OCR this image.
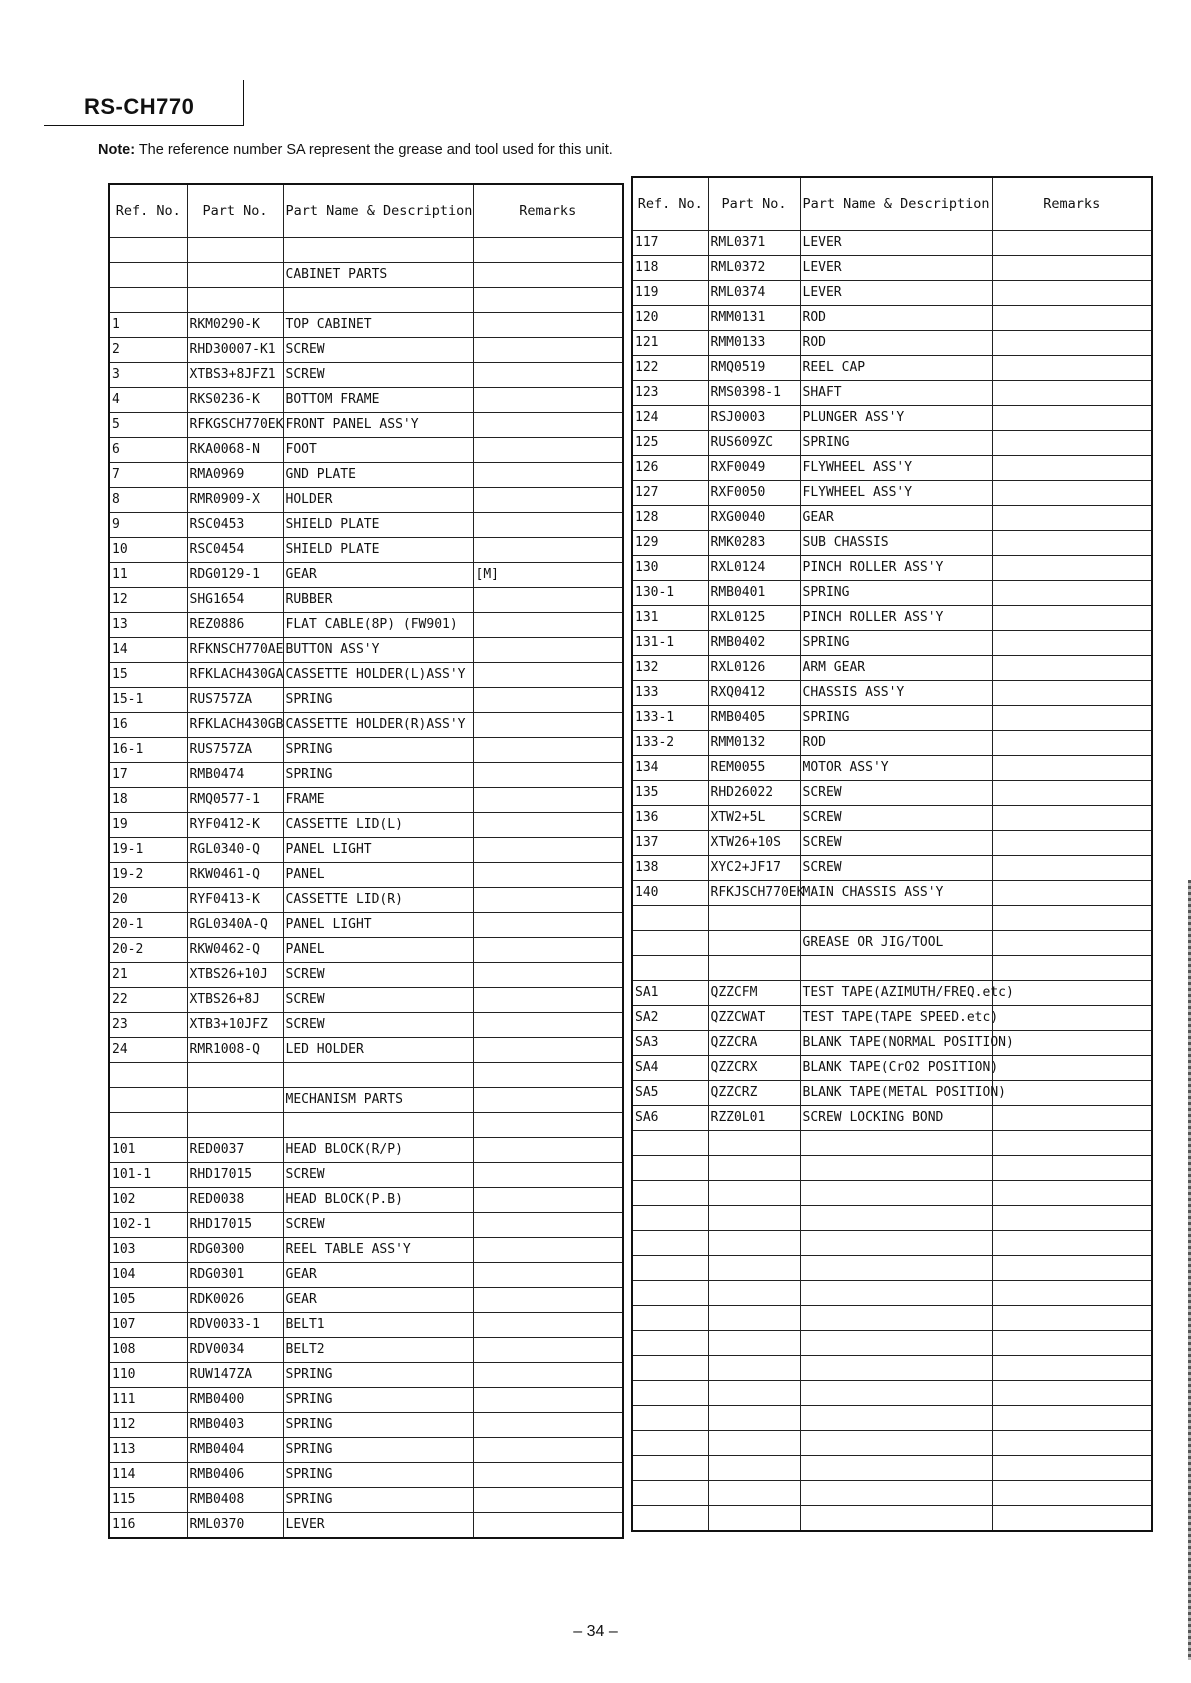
RS-CH770
Note: The reference number SA represent the grease and tool used for this unit.
Ref. No.	Part No.	Part Name & Description	Remarks

		CABINET PARTS	

1	RKM0290-K	TOP CABINET	
2	RHD30007-K1	SCREW	
3	XTBS3+8JFZ1	SCREW	
4	RKS0236-K	BOTTOM FRAME	
5	RFKGSCH770EK	FRONT PANEL ASS'Y	
6	RKA0068-N	FOOT	
7	RMA0969	GND PLATE	
8	RMR0909-X	HOLDER	
9	RSC0453	SHIELD PLATE	
10	RSC0454	SHIELD PLATE	
11	RDG0129-1	GEAR	[M]
12	SHG1654	RUBBER	
13	REZ0886	FLAT CABLE(8P) (FW901)	
14	RFKNSCH770AE	BUTTON ASS'Y	
15	RFKLACH430GA	CASSETTE HOLDER(L)ASS'Y	
15-1	RUS757ZA	SPRING	
16	RFKLACH430GB	CASSETTE HOLDER(R)ASS'Y	
16-1	RUS757ZA	SPRING	
17	RMB0474	SPRING	
18	RMQ0577-1	FRAME	
19	RYF0412-K	CASSETTE LID(L)	
19-1	RGL0340-Q	PANEL LIGHT	
19-2	RKW0461-Q	PANEL	
20	RYF0413-K	CASSETTE LID(R)	
20-1	RGL0340A-Q	PANEL LIGHT	
20-2	RKW0462-Q	PANEL	
21	XTBS26+10J	SCREW	
22	XTBS26+8J	SCREW	
23	XTB3+10JFZ	SCREW	
24	RMR1008-Q	LED HOLDER	

		MECHANISM PARTS	

101	RED0037	HEAD BLOCK(R/P)	
101-1	RHD17015	SCREW	
102	RED0038	HEAD BLOCK(P.B)	
102-1	RHD17015	SCREW	
103	RDG0300	REEL TABLE ASS'Y	
104	RDG0301	GEAR	
105	RDK0026	GEAR	
107	RDV0033-1	BELT1	
108	RDV0034	BELT2	
110	RUW147ZA	SPRING	
111	RMB0400	SPRING	
112	RMB0403	SPRING	
113	RMB0404	SPRING	
114	RMB0406	SPRING	
115	RMB0408	SPRING	
116	RML0370	LEVER	
Ref. No.	Part No.	Part Name & Description	Remarks
117	RML0371	LEVER	
118	RML0372	LEVER	
119	RML0374	LEVER	
120	RMM0131	ROD	
121	RMM0133	ROD	
122	RMQ0519	REEL CAP	
123	RMS0398-1	SHAFT	
124	RSJ0003	PLUNGER ASS'Y	
125	RUS609ZC	SPRING	
126	RXF0049	FLYWHEEL ASS'Y	
127	RXF0050	FLYWHEEL ASS'Y	
128	RXG0040	GEAR	
129	RMK0283	SUB CHASSIS	
130	RXL0124	PINCH ROLLER ASS'Y	
130-1	RMB0401	SPRING	
131	RXL0125	PINCH ROLLER ASS'Y	
131-1	RMB0402	SPRING	
132	RXL0126	ARM GEAR	
133	RXQ0412	CHASSIS ASS'Y	
133-1	RMB0405	SPRING	
133-2	RMM0132	ROD	
134	REM0055	MOTOR ASS'Y	
135	RHD26022	SCREW	
136	XTW2+5L	SCREW	
137	XTW26+10S	SCREW	
138	XYC2+JF17	SCREW	
140	RFKJSCH770EK	MAIN CHASSIS ASS'Y	

		GREASE OR JIG/TOOL	

SA1	QZZCFM	TEST TAPE(AZIMUTH/FREQ.etc)	
SA2	QZZCWAT	TEST TAPE(TAPE SPEED.etc)	
SA3	QZZCRA	BLANK TAPE(NORMAL POSITION)	
SA4	QZZCRX	BLANK TAPE(CrO2 POSITION)	
SA5	QZZCRZ	BLANK TAPE(METAL POSITION)	
SA6	RZZ0L01	SCREW LOCKING BOND	

– 34 –
